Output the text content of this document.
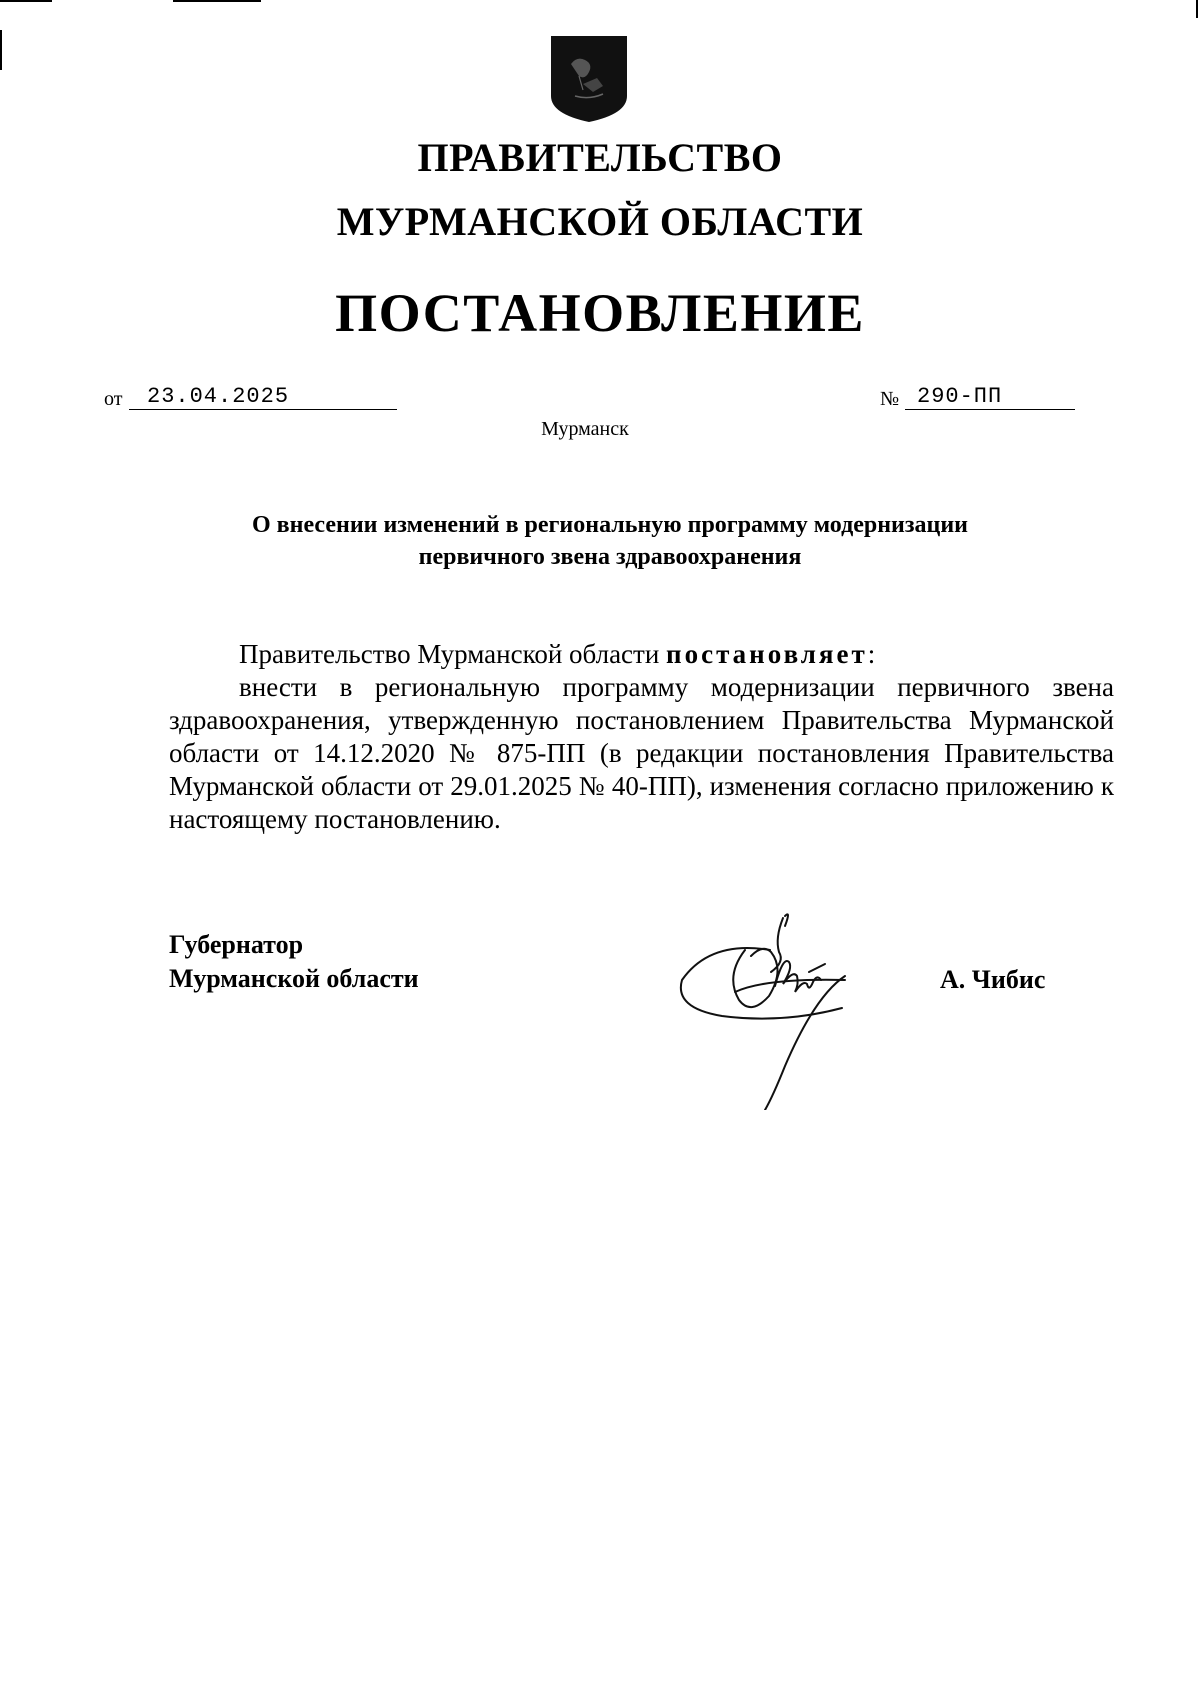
ПРАВИТЕЛЬСТВО
МУРМАНСКОЙ ОБЛАСТИ
ПОСТАНОВЛЕНИЕ
от	23.04.2025	№ 290-ПП
Мурманск
О внесении изменений в региональную программу модернизации
первичного звена здравоохранения

Правительство Мурманской области постановляет:

внести в региональную программу модернизации первичного звена здравоохранения, утвержденную постановлением Правительства Мурманской области от 14.12.2020 № 875-ПП (в редакции постановления Правительства Мурманской области от 29.01.2025 № 40-ПП), изменения согласно приложению к настоящему постановлению.

Губернатор
Мурманской области	А. Чибис
